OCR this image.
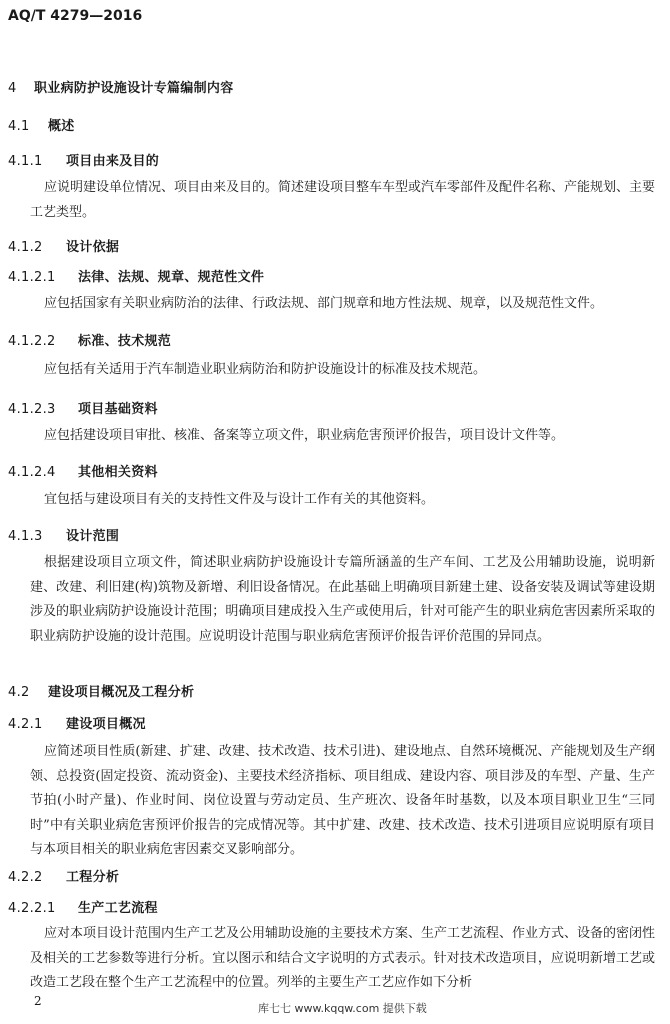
AQ/T 4279—2016
4 职业病防护设施设计专篇编制内容
4.1 概述
4.1.1 项目由来及目的
应说明建设单位情况、项目由来及目的。简述建设项目整车车型或汽车零部件及配件名称、产能规划、主要工艺类型。
4.1.2 设计依据
4.1.2.1 法律、法规、规章、规范性文件
应包括国家有关职业病防治的法律、行政法规、部门规章和地方性法规、规章，以及规范性文件。
4.1.2.2 标准、技术规范
应包括有关适用于汽车制造业职业病防治和防护设施设计的标准及技术规范。
4.1.2.3 项目基础资料
应包括建设项目审批、核准、备案等立项文件，职业病危害预评价报告，项目设计文件等。
4.1.2.4 其他相关资料
宜包括与建设项目有关的支持性文件及与设计工作有关的其他资料。
4.1.3 设计范围
根据建设项目立项文件，简述职业病防护设施设计专篇所涵盖的生产车间、工艺及公用辅助设施，说明新建、改建、利旧建(构)筑物及新增、利旧设备情况。在此基础上明确项目新建土建、设备安装及调试等建设期涉及的职业病防护设施设计范围；明确项目建成投入生产或使用后，针对可能产生的职业病危害因素所采取的职业病防护设施的设计范围。应说明设计范围与职业病危害预评价报告评价范围的异同点。
4.2 建设项目概况及工程分析
4.2.1 建设项目概况
应简述项目性质(新建、扩建、改建、技术改造、技术引进)、建设地点、自然环境概况、产能规划及生产纲领、总投资(固定投资、流动资金)、主要技术经济指标、项目组成、建设内容、项目涉及的车型、产量、生产节拍(小时产量)、作业时间、岗位设置与劳动定员、生产班次、设备年时基数，以及本项目职业卫生“三同时”中有关职业病危害预评价报告的完成情况等。其中扩建、改建、技术改造、技术引进项目应说明原有项目与本项目相关的职业病危害因素交叉影响部分。
4.2.2 工程分析
4.2.2.1 生产工艺流程
应对本项目设计范围内生产工艺及公用辅助设施的主要技术方案、生产工艺流程、作业方式、设备的密闭性及相关的工艺参数等进行分析。宜以图示和结合文字说明的方式表示。针对技术改造项目，应说明新增工艺或改造工艺段在整个生产工艺流程中的位置。列举的主要生产工艺应作如下分析
2
库七七 www.kqqw.com 提供下载
